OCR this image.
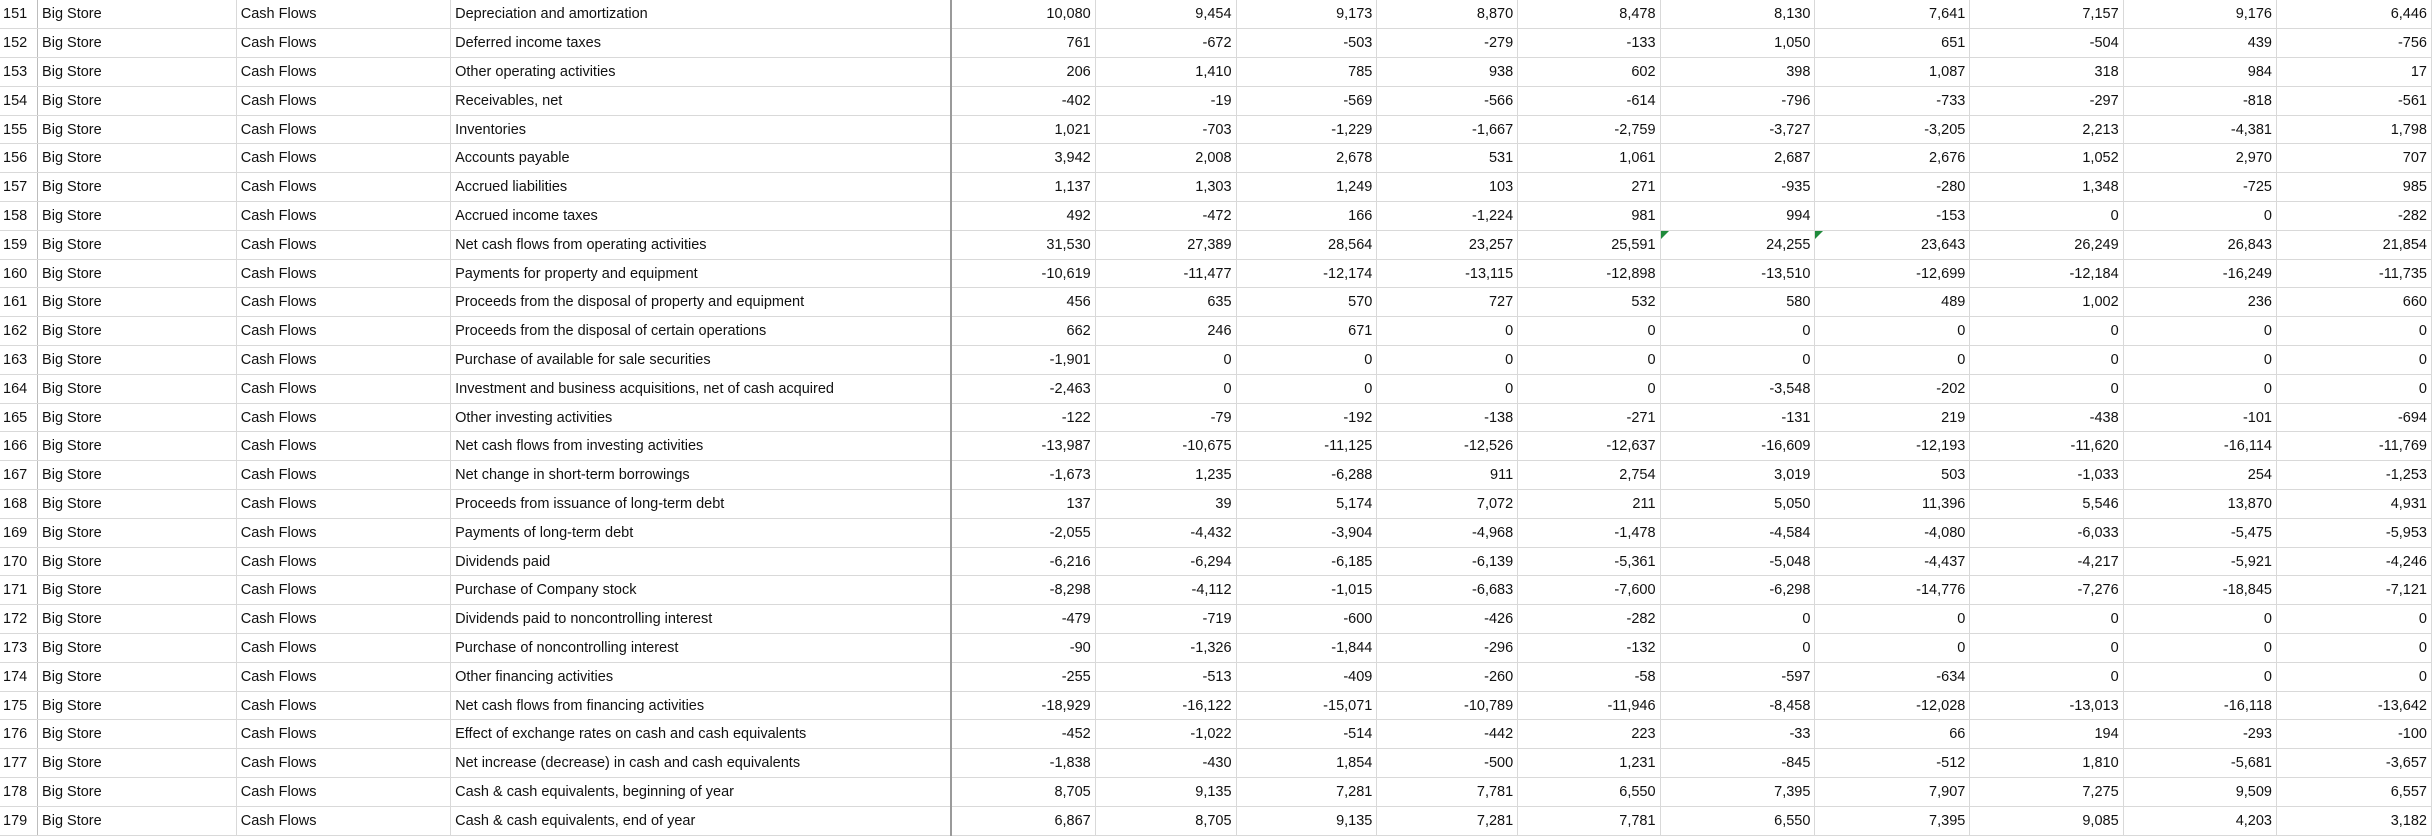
151	Big Store	Cash Flows	Depreciation and amortization	10,080	9,454	9,173	8,870	8,478	8,130	7,641	7,157	9,176	6,446
152	Big Store	Cash Flows	Deferred income taxes	761	-672	-503	-279	-133	1,050	651	-504	439	-756
153	Big Store	Cash Flows	Other operating activities	206	1,410	785	938	602	398	1,087	318	984	17
154	Big Store	Cash Flows	Receivables, net	-402	-19	-569	-566	-614	-796	-733	-297	-818	-561
155	Big Store	Cash Flows	Inventories	1,021	-703	-1,229	-1,667	-2,759	-3,727	-3,205	2,213	-4,381	1,798
156	Big Store	Cash Flows	Accounts payable	3,942	2,008	2,678	531	1,061	2,687	2,676	1,052	2,970	707
157	Big Store	Cash Flows	Accrued liabilities	1,137	1,303	1,249	103	271	-935	-280	1,348	-725	985
158	Big Store	Cash Flows	Accrued income taxes	492	-472	166	-1,224	981	994	-153	0	0	-282
159	Big Store	Cash Flows	Net cash flows from operating activities	31,530	27,389	28,564	23,257	25,591	24,255	23,643	26,249	26,843	21,854
160	Big Store	Cash Flows	Payments for property and equipment	-10,619	-11,477	-12,174	-13,115	-12,898	-13,510	-12,699	-12,184	-16,249	-11,735
161	Big Store	Cash Flows	Proceeds from the disposal of property and equipment	456	635	570	727	532	580	489	1,002	236	660
162	Big Store	Cash Flows	Proceeds from the disposal of certain operations	662	246	671	0	0	0	0	0	0	0
163	Big Store	Cash Flows	Purchase of available for sale securities	-1,901	0	0	0	0	0	0	0	0	0
164	Big Store	Cash Flows	Investment and business acquisitions, net of cash acquired	-2,463	0	0	0	0	-3,548	-202	0	0	0
165	Big Store	Cash Flows	Other investing activities	-122	-79	-192	-138	-271	-131	219	-438	-101	-694
166	Big Store	Cash Flows	Net cash flows from investing activities	-13,987	-10,675	-11,125	-12,526	-12,637	-16,609	-12,193	-11,620	-16,114	-11,769
167	Big Store	Cash Flows	Net change in short-term borrowings	-1,673	1,235	-6,288	911	2,754	3,019	503	-1,033	254	-1,253
168	Big Store	Cash Flows	Proceeds from issuance of long-term debt	137	39	5,174	7,072	211	5,050	11,396	5,546	13,870	4,931
169	Big Store	Cash Flows	Payments of long-term debt	-2,055	-4,432	-3,904	-4,968	-1,478	-4,584	-4,080	-6,033	-5,475	-5,953
170	Big Store	Cash Flows	Dividends paid	-6,216	-6,294	-6,185	-6,139	-5,361	-5,048	-4,437	-4,217	-5,921	-4,246
171	Big Store	Cash Flows	Purchase of Company stock	-8,298	-4,112	-1,015	-6,683	-7,600	-6,298	-14,776	-7,276	-18,845	-7,121
172	Big Store	Cash Flows	Dividends paid to noncontrolling interest	-479	-719	-600	-426	-282	0	0	0	0	0
173	Big Store	Cash Flows	Purchase of noncontrolling interest	-90	-1,326	-1,844	-296	-132	0	0	0	0	0
174	Big Store	Cash Flows	Other financing activities	-255	-513	-409	-260	-58	-597	-634	0	0	0
175	Big Store	Cash Flows	Net cash flows from financing activities	-18,929	-16,122	-15,071	-10,789	-11,946	-8,458	-12,028	-13,013	-16,118	-13,642
176	Big Store	Cash Flows	Effect of exchange rates on cash and cash equivalents	-452	-1,022	-514	-442	223	-33	66	194	-293	-100
177	Big Store	Cash Flows	Net increase (decrease) in cash and cash equivalents	-1,838	-430	1,854	-500	1,231	-845	-512	1,810	-5,681	-3,657
178	Big Store	Cash Flows	Cash & cash equivalents, beginning of year	8,705	9,135	7,281	7,781	6,550	7,395	7,907	7,275	9,509	6,557
179	Big Store	Cash Flows	Cash & cash equivalents, end of year	6,867	8,705	9,135	7,281	7,781	6,550	7,395	9,085	4,203	3,182
